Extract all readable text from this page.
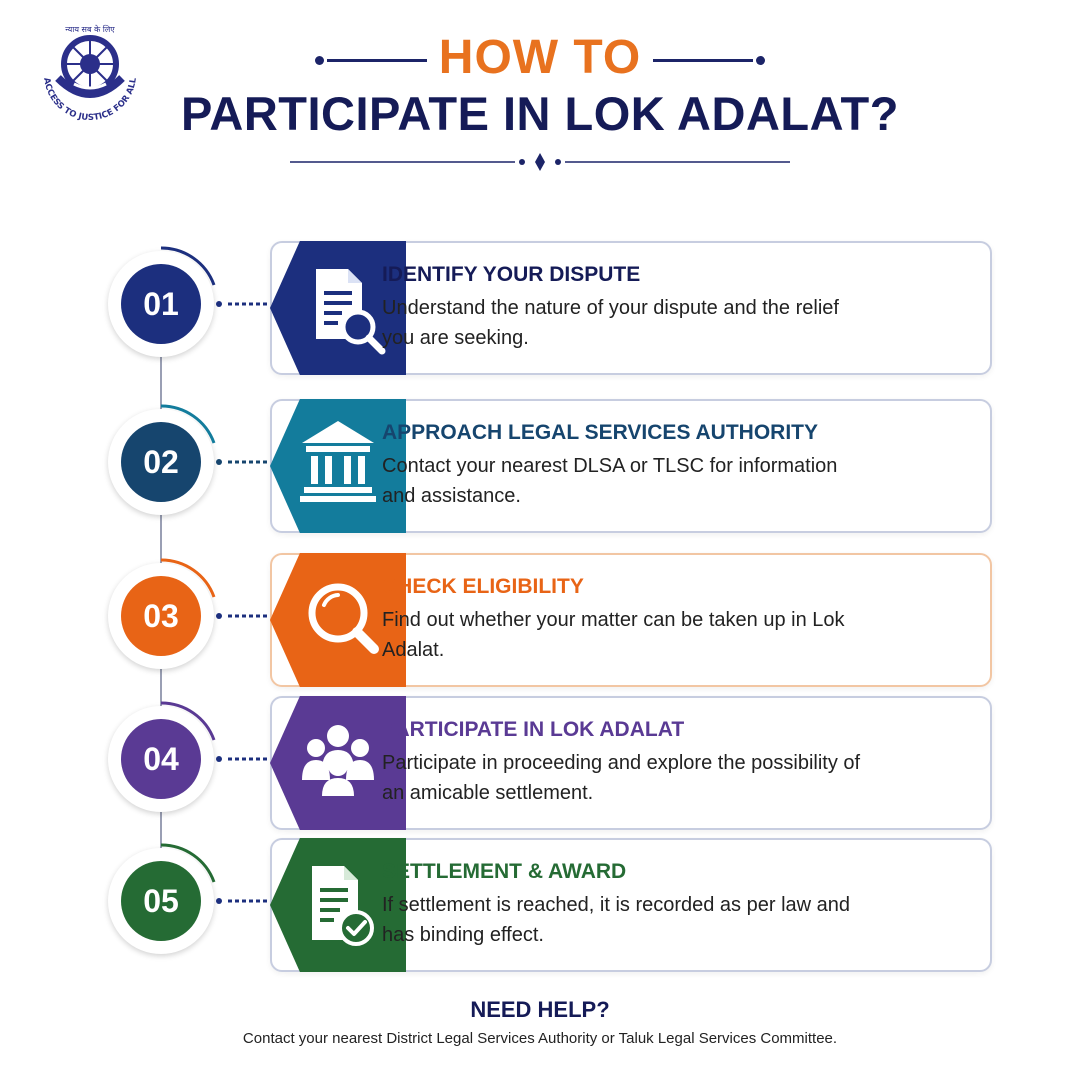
न्याय सब के लिए
ACCESS TO JUSTICE FOR ALL	HOW TO
PARTICIPATE IN LOK ADALAT?
01
IDENTIFY YOUR DISPUTE
Understand the nature of your dispute and the relief you are seeking.
02
APPROACH LEGAL SERVICES AUTHORITY
Contact your nearest DLSA or TLSC for information and assistance.
03
CHECK ELIGIBILITY
Find out whether your matter can be taken up in Lok Adalat.
04
PARTICIPATE IN LOK ADALAT
Participate in proceeding and explore the possibility of an amicable settlement.
05
SETTLEMENT & AWARD
If settlement is reached, it is recorded as per law and has binding effect.
NEED HELP?
Contact your nearest District Legal Services Authority or Taluk Legal Services Committee.
